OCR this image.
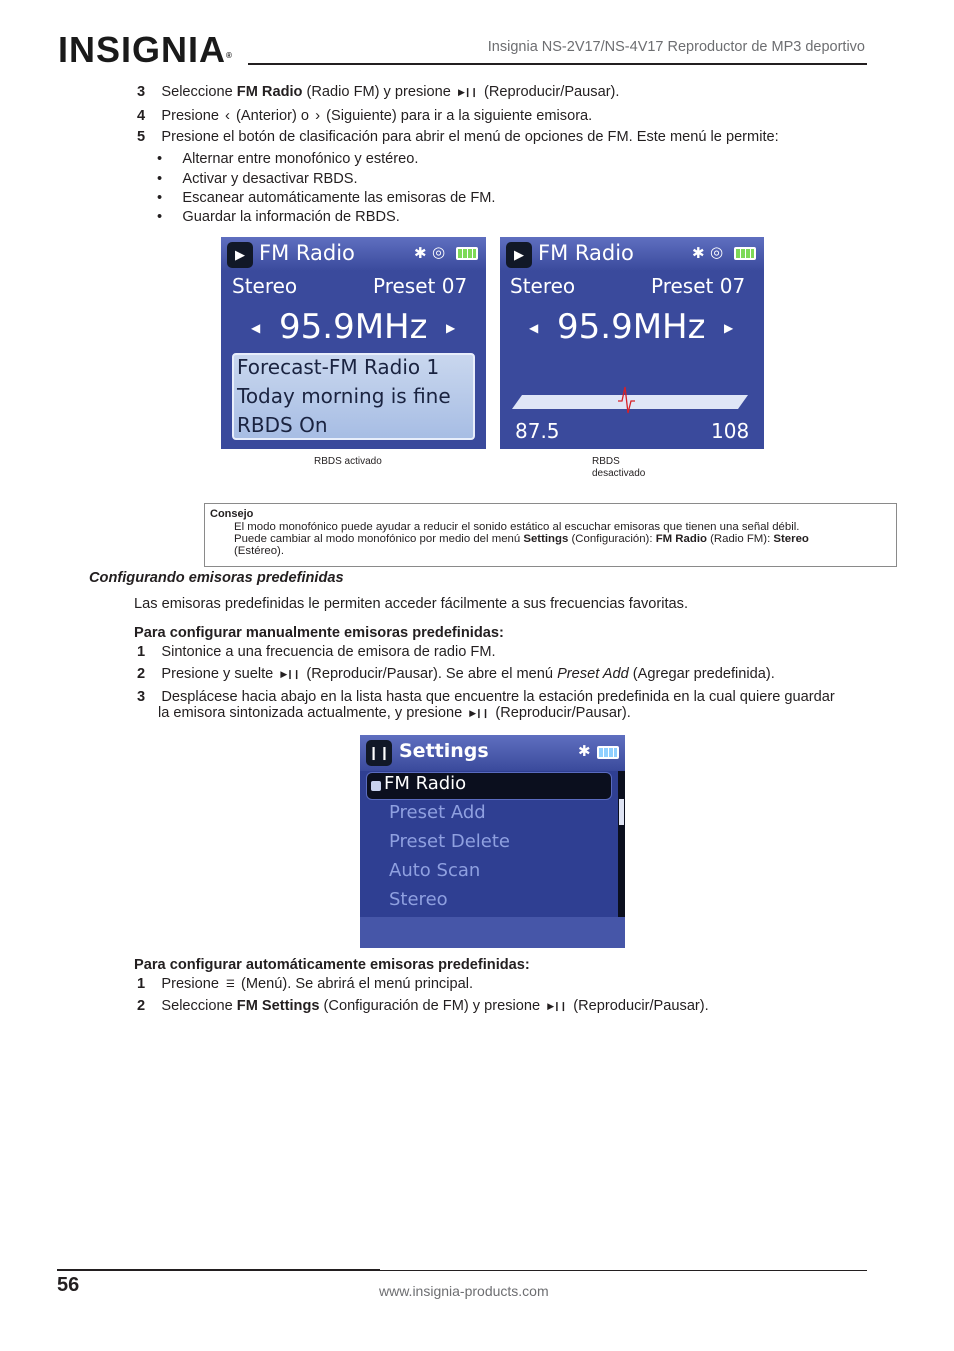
INSIGNIA®
Insignia NS-2V17/NS-4V17 Reproductor de MP3 deportivo
3 Seleccione FM Radio (Radio FM) y presione ▶❙❙ (Reproducir/Pausar).
4 Presione ‹ (Anterior) o › (Siguiente) para ir a la siguiente emisora.
5 Presione el botón de clasificación para abrir el menú de opciones de FM. Este menú le permite:
•     Alternar entre monofónico y estéreo.
•     Activar y desactivar RBDS.
•     Escanear automáticamente las emisoras de FM.
•     Guardar la información de RBDS.
▶ FM Radio	✱ ◎
Stereo	Preset 07
◀ 95.9MHz ▶
Forecast-FM Radio 1
Today morning is fine
RBDS On
RBDS activado
▶ FM Radio	✱ ◎
Stereo	Preset 07
◀ 95.9MHz ▶
87.5	108
RBDS
desactivado
Consejo
El modo monofónico puede ayudar a reducir el sonido estático al escuchar emisoras que tienen una señal débil.
Puede cambiar al modo monofónico por medio del menú Settings (Configuración): FM Radio (Radio FM): Stereo
(Estéreo).
Configurando emisoras predefinidas
Las emisoras predefinidas le permiten acceder fácilmente a sus frecuencias favoritas.
Para configurar manualmente emisoras predefinidas:
1 Sintonice a una frecuencia de emisora de radio FM.
2 Presione y suelte ▶❙❙ (Reproducir/Pausar). Se abre el menú Preset Add (Agregar predefinida).
3 Desplácese hacia abajo en la lista hasta que encuentre la estación predefinida en la cual quiere guardar
la emisora sintonizada actualmente, y presione ▶❙❙ (Reproducir/Pausar).
❙❙ Settings	✱
FM Radio
Preset Add
Preset Delete
Auto Scan
Stereo
Para configurar automáticamente emisoras predefinidas:
1 Presione ☰ (Menú). Se abrirá el menú principal.
2 Seleccione FM Settings (Configuración de FM) y presione ▶❙❙ (Reproducir/Pausar).
56	www.insignia-products.com
